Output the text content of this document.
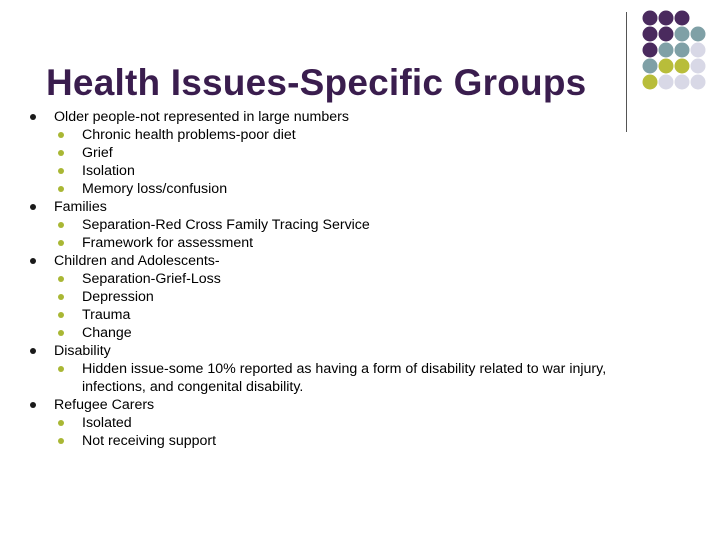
Health Issues-Specific Groups
Older people-not represented in large numbers
Chronic health problems-poor diet
Grief
Isolation
Memory loss/confusion
Families
Separation-Red Cross Family Tracing Service
Framework for assessment
Children and Adolescents-
Separation-Grief-Loss
Depression
Trauma
Change
Disability
Hidden issue-some 10% reported as having a form of disability related to war injury, infections, and congenital disability.
Refugee Carers
Isolated
Not receiving support
